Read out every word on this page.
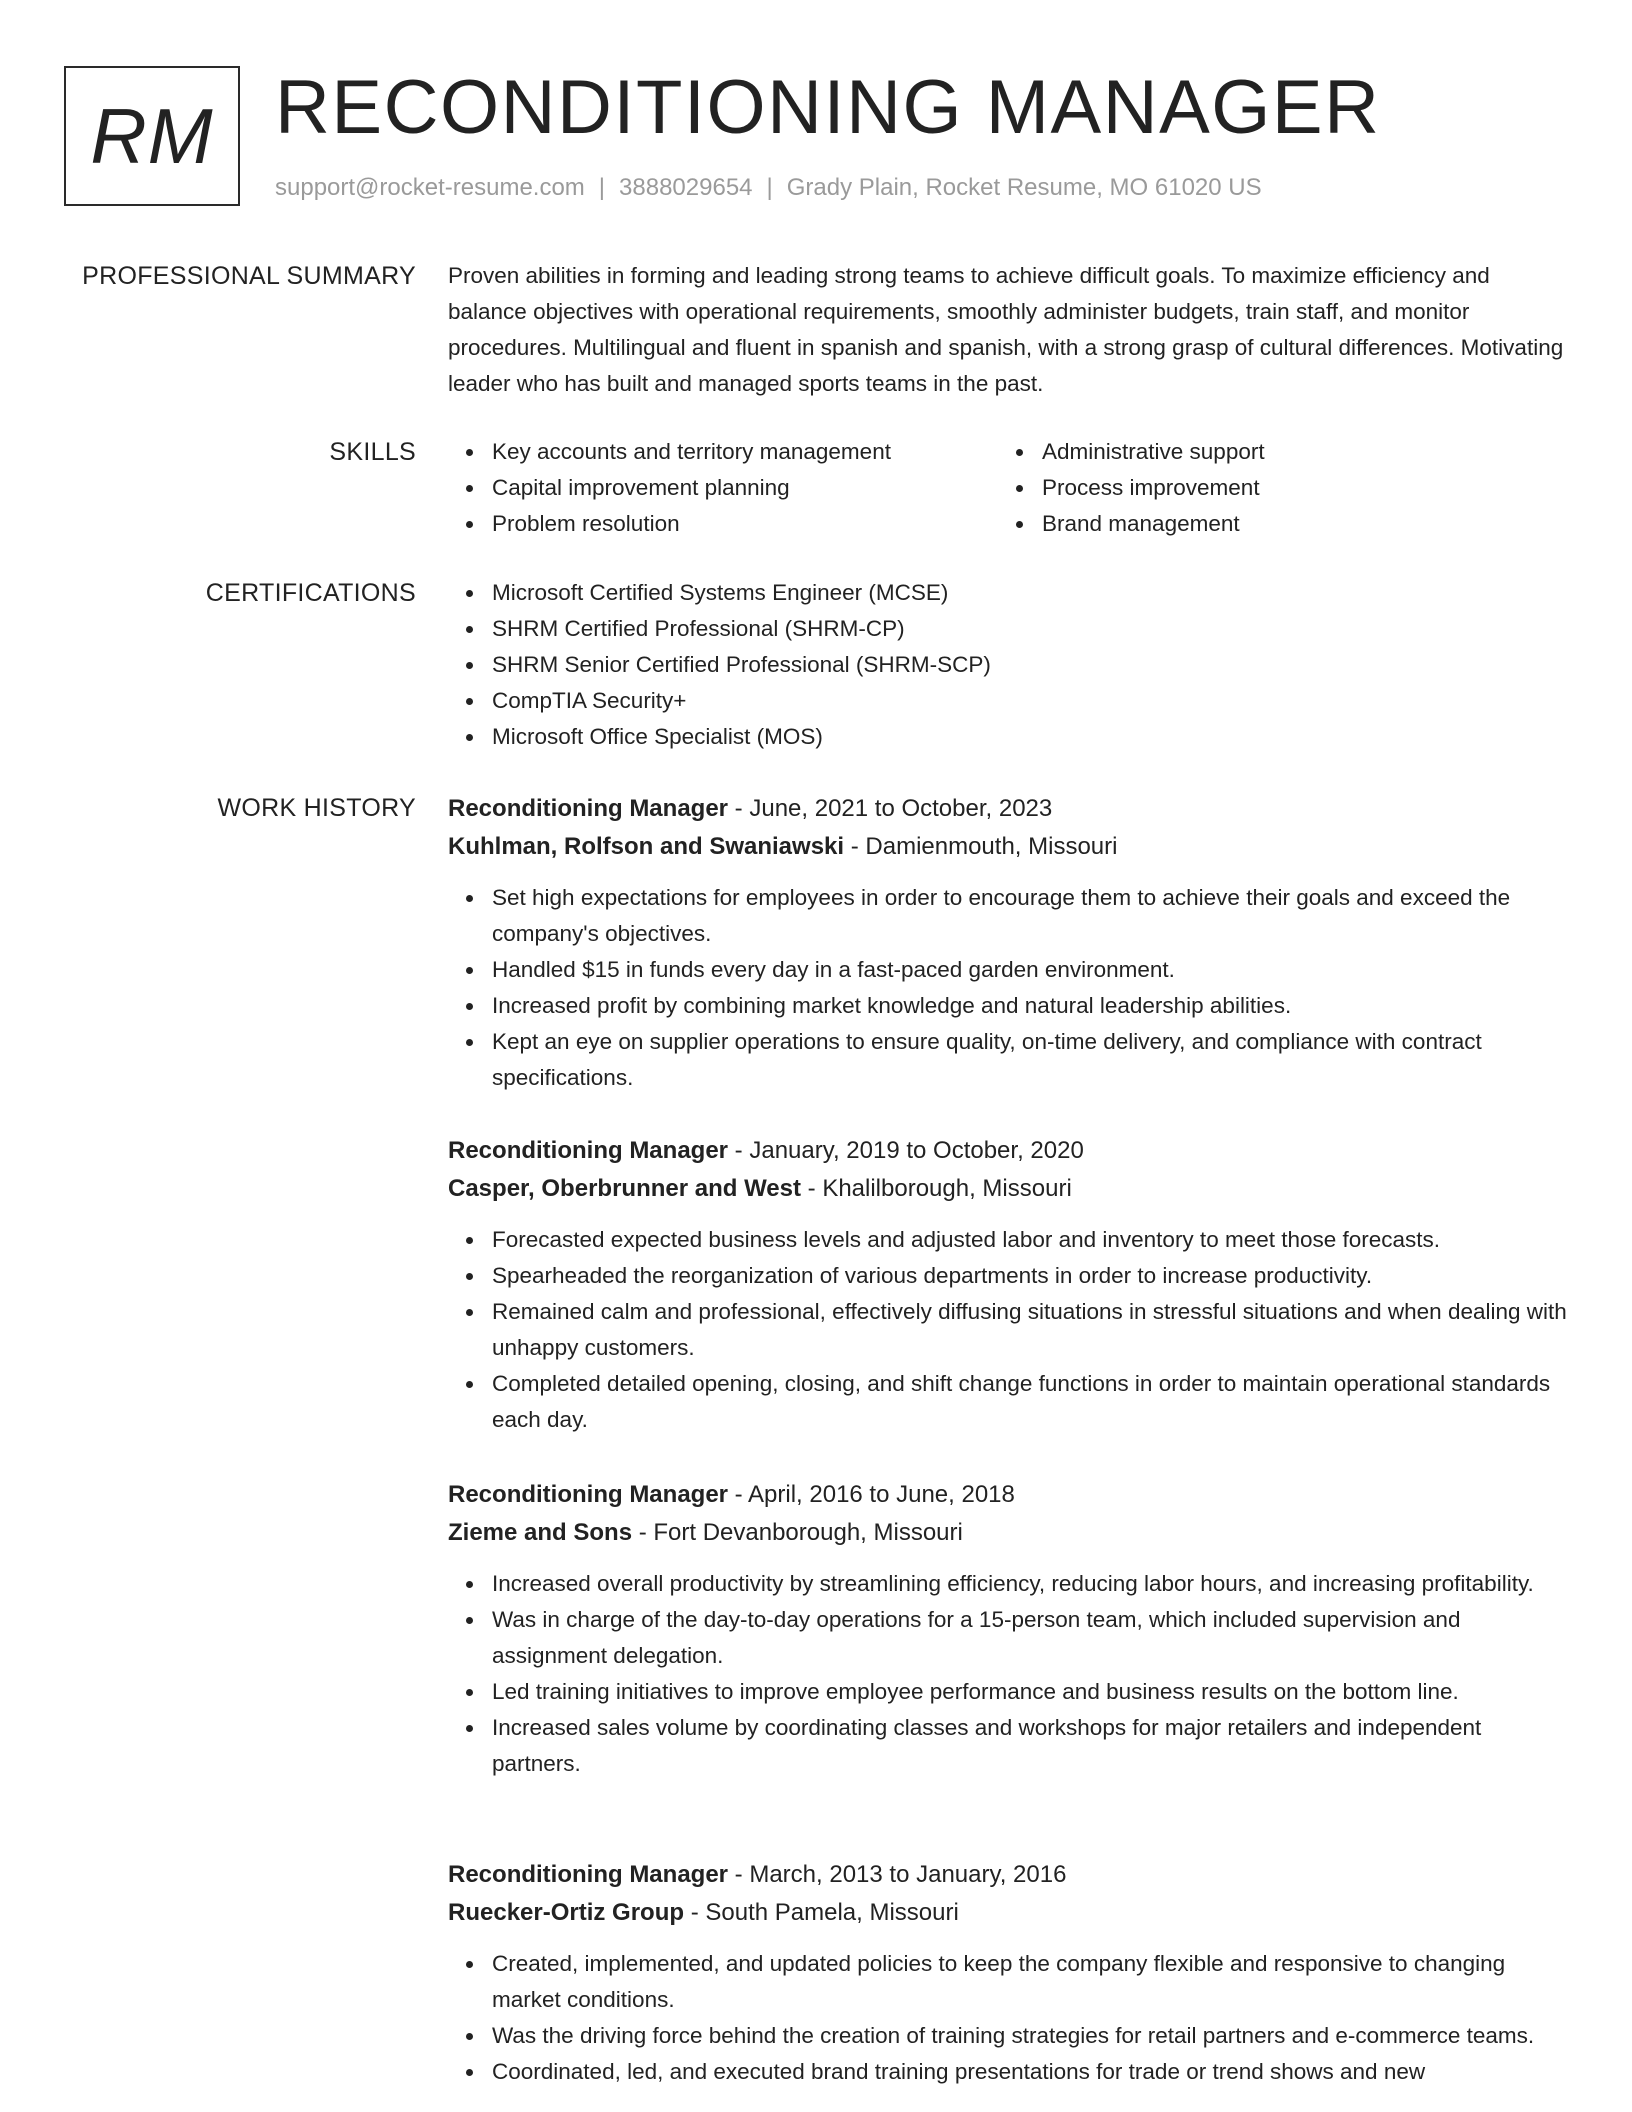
RM RECONDITIONING MANAGER
support@rocket-resume.com | 3888029654 | Grady Plain, Rocket Resume, MO 61020 US
PROFESSIONAL SUMMARY Proven abilities in forming and leading strong teams to achieve difficult goals. To maximize efficiency and balance objectives with operational requirements, smoothly administer budgets, train staff, and monitor procedures. Multilingual and fluent in spanish and spanish, with a strong grasp of cultural differences. Motivating leader who has built and managed sports teams in the past.
SKILLS	Key accounts and territory management	Administrative support
Capital improvement planning	Process improvement
Problem resolution	Brand management
CERTIFICATIONS	Microsoft Certified Systems Engineer (MCSE)
SHRM Certified Professional (SHRM-CP)
SHRM Senior Certified Professional (SHRM-SCP)
CompTIA Security+
Microsoft Office Specialist (MOS)
WORK HISTORY Reconditioning Manager - June, 2021 to October, 2023
Kuhlman, Rolfson and Swaniawski - Damienmouth, Missouri
Set high expectations for employees in order to encourage them to achieve their goals and exceed the company's objectives.
Handled $15 in funds every day in a fast-paced garden environment.
Increased profit by combining market knowledge and natural leadership abilities.
Kept an eye on supplier operations to ensure quality, on-time delivery, and compliance with contract specifications.
Reconditioning Manager - January, 2019 to October, 2020
Casper, Oberbrunner and West - Khalilborough, Missouri
Forecasted expected business levels and adjusted labor and inventory to meet those forecasts.
Spearheaded the reorganization of various departments in order to increase productivity.
Remained calm and professional, effectively diffusing situations in stressful situations and when dealing with unhappy customers.
Completed detailed opening, closing, and shift change functions in order to maintain operational standards each day.
Reconditioning Manager - April, 2016 to June, 2018
Zieme and Sons - Fort Devanborough, Missouri
Increased overall productivity by streamlining efficiency, reducing labor hours, and increasing profitability.
Was in charge of the day-to-day operations for a 15-person team, which included supervision and assignment delegation.
Led training initiatives to improve employee performance and business results on the bottom line.
Increased sales volume by coordinating classes and workshops for major retailers and independent partners.
Reconditioning Manager - March, 2013 to January, 2016
Ruecker-Ortiz Group - South Pamela, Missouri
Created, implemented, and updated policies to keep the company flexible and responsive to changing market conditions.
Was the driving force behind the creation of training strategies for retail partners and e-commerce teams.
Coordinated, led, and executed brand training presentations for trade or trend shows and new
